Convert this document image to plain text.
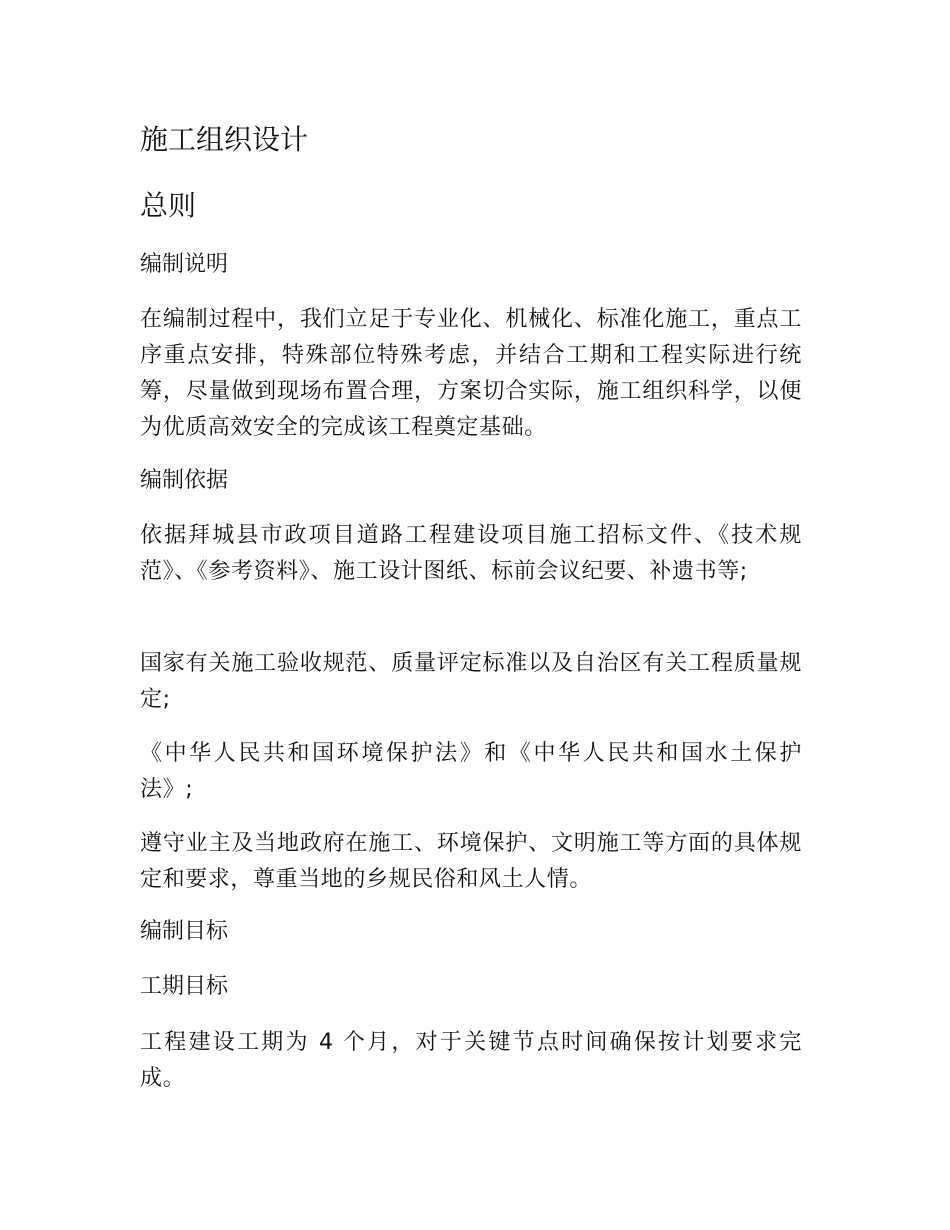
施工组织设计
总则
编制说明

在编制过程中，我们立足于专业化、机械化、标准化施工，重点工序重点安排，特殊部位特殊考虑，并结合工期和工程实际进行统筹，尽量做到现场布置合理，方案切合实际，施工组织科学，以便为优质高效安全的完成该工程奠定基础。

编制依据

依据拜城县市政项目道路工程建设项目施工招标文件、《技术规范》、《参考资料》、施工设计图纸、标前会议纪要、补遗书等;

国家有关施工验收规范、质量评定标准以及自治区有关工程质量规定;

《中华人民共和国环境保护法》和《中华人民共和国水土保护法》;

遵守业主及当地政府在施工、环境保护、文明施工等方面的具体规定和要求，尊重当地的乡规民俗和风土人情。

编制目标
工期目标

工程建设工期为 4 个月，对于关键节点时间确保按计划要求完成。
